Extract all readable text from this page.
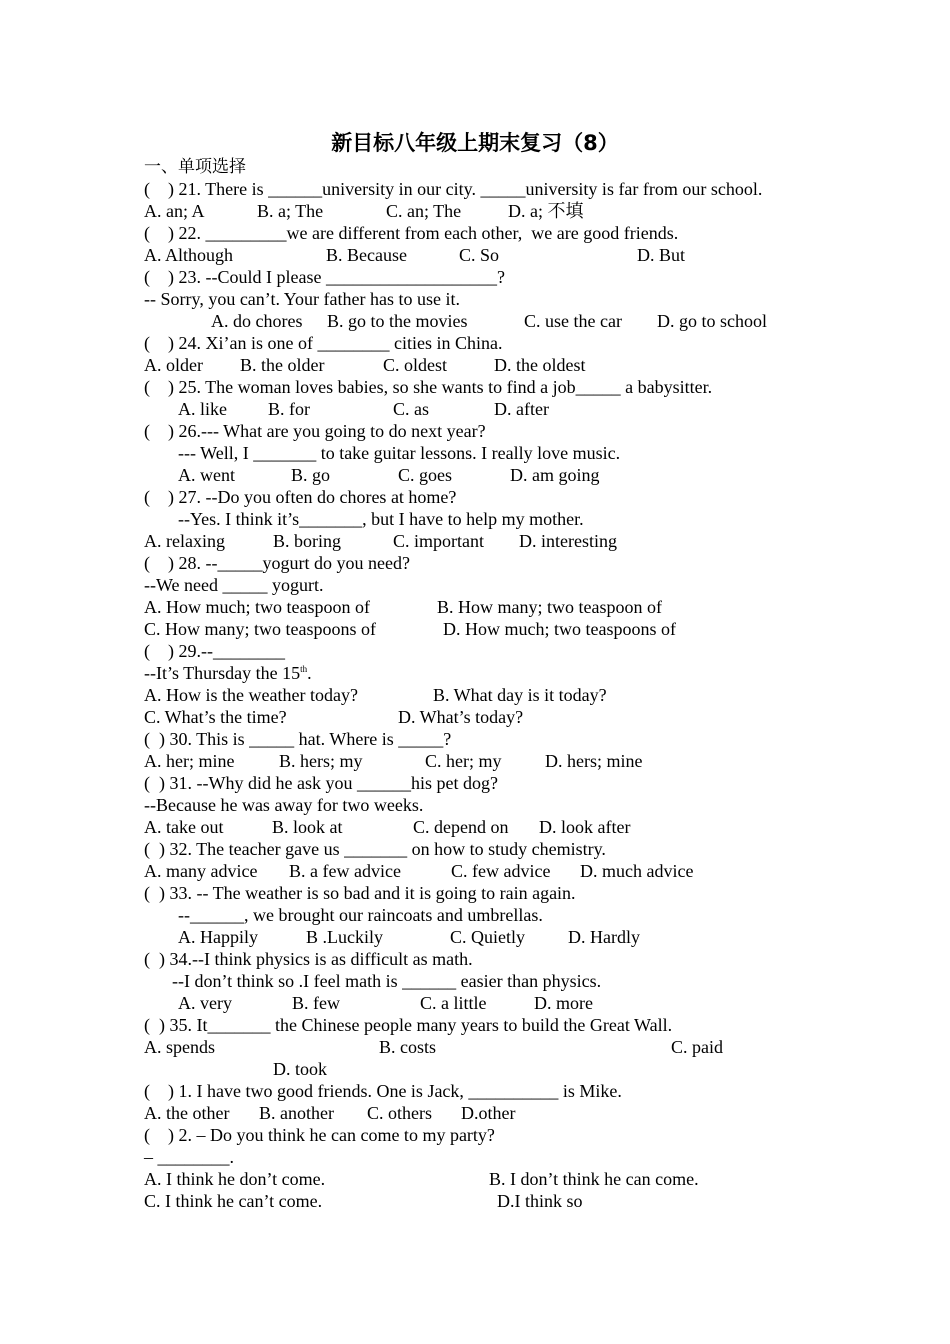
新目标八年级上期末复习（8）
一、单项选择
(    ) 21. There is ______university in our city. _____university is far from our school.
A. an; A	B. a; The	C. an; The	D. a; 不填
(    ) 22. _________we are different from each other,  we are good friends.
A. Although	B. Because	C. So	D. But
(    ) 23. --Could I please ___________________?
-- Sorry, you can’t. Your father has to use it.
A. do chores B. go to the movies	C. use the car D. go to school
(    ) 24. Xi’an is one of ________ cities in China.
A. older B. the older	C. oldest	D. the oldest
(    ) 25. The woman loves babies, so she wants to find a job_____ a babysitter.
A. like B. for	C. as	D. after
(    ) 26.--- What are you going to do next year?
--- Well, I _______ to take guitar lessons. I really love music.
A. went	B. go	C. goes	D. am going
(    ) 27. --Do you often do chores at home?
--Yes. I think it’s_______, but I have to help my mother.
A. relaxing	B. boring	C. important D. interesting
(    ) 28. --_____yogurt do you need?
--We need _____ yogurt.
A. How much; two teaspoon of	B. How many; two teaspoon of
C. How many; two teaspoons of	D. How much; two teaspoons of
(    ) 29.--________
--It’s Thursday the 15th.
A. How is the weather today?	B. What day is it today?
C. What’s the time?	D. What’s today?
(  ) 30. This is _____ hat. Where is _____?
A. her; mine B. hers; my	C. her; my D. hers; mine
(  ) 31. --Why did he ask you ______his pet dog?
--Because he was away for two weeks.
A. take out	B. look at	C. depend on D. look after
(  ) 32. The teacher gave us _______ on how to study chemistry.
A. many advice B. a few advice	C. few advice D. much advice
(  ) 33. -- The weather is so bad and it is going to rain again.
--______, we brought our raincoats and umbrellas.
A. Happily	B .Luckily	C. Quietly D. Hardly
(  ) 34.--I think physics is as difficult as math.
--I don’t think so .I feel math is ______ easier than physics.
A. very	B. few	C. a little	D. more
(  ) 35. It_______ the Chinese people many years to build the Great Wall.
A. spends	B. costs	C. paid
D. took
(    ) 1. I have two good friends. One is Jack, __________ is Mike.
A. the other B. another C. others D.other
(    ) 2. – Do you think he can come to my party?
– ________.
A. I think he don’t come.	B. I don’t think he can come.
C. I think he can’t come.	D.I think so
